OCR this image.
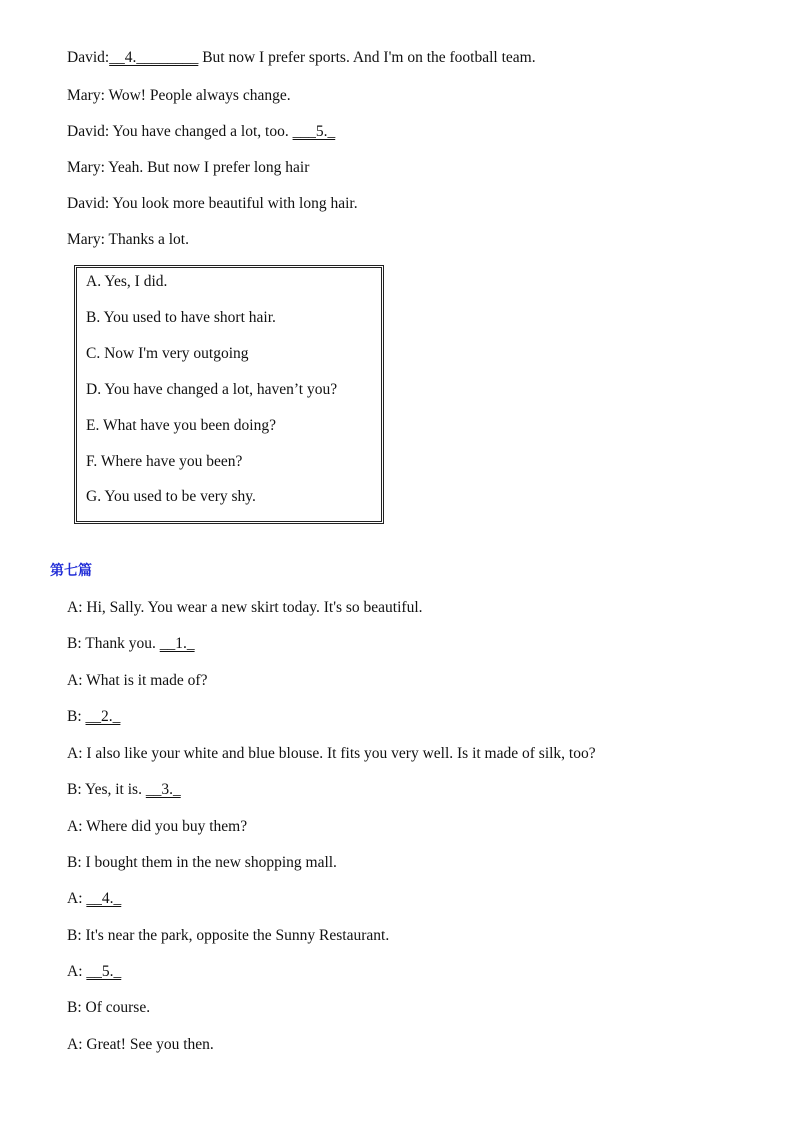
David:__4.________ But now I prefer sports. And I'm on the football team.
Mary: Wow! People always change.
David: You have changed a lot, too. ___5._
Mary: Yeah. But now I prefer long hair
David: You look more beautiful with long hair.
Mary: Thanks a lot.
A. Yes, I did.
B. You used to have short hair.
C. Now I'm very outgoing
D. You have changed a lot, haven’t you?
E. What have you been doing?
F. Where have you been?
G. You used to be very shy.
第七篇
A: Hi, Sally. You wear a new skirt today. It's so beautiful.
B: Thank you. __1._
A: What is it made of?
B: __2._
A: I also like your white and blue blouse. It fits you very well. Is it made of silk, too?
B: Yes, it is. __3._
A: Where did you buy them?
B: I bought them in the new shopping mall.
A: __4._
B: It's near the park, opposite the Sunny Restaurant.
A: __5._
B: Of course.
A: Great! See you then.
